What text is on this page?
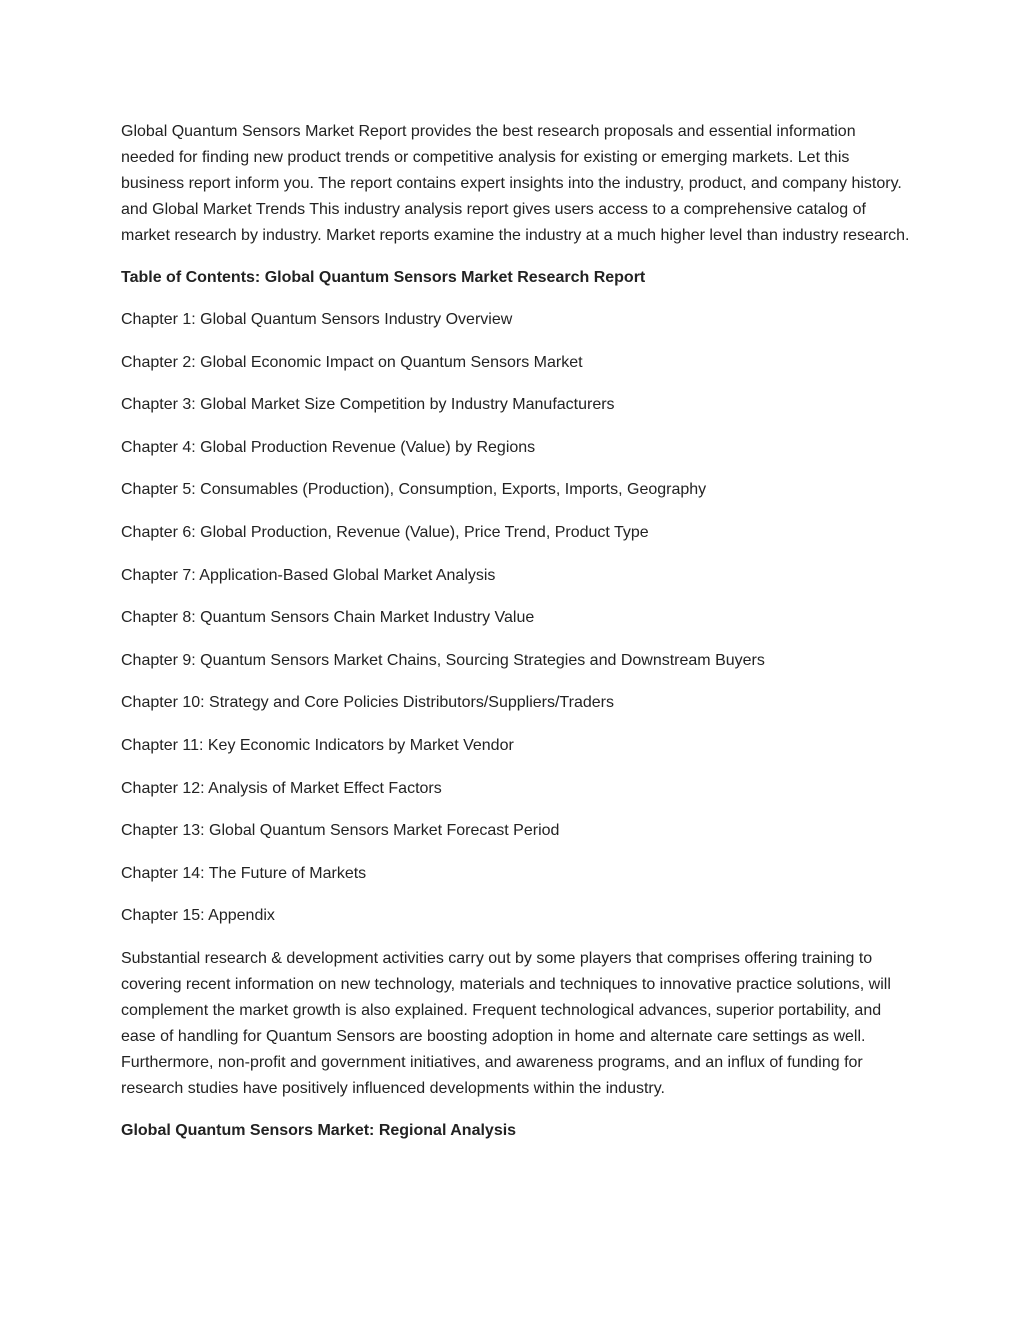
Global Quantum Sensors Market Report provides the best research proposals and essential information needed for finding new product trends or competitive analysis for existing or emerging markets. Let this business report inform you. The report contains expert insights into the industry, product, and company history. and Global Market Trends This industry analysis report gives users access to a comprehensive catalog of market research by industry. Market reports examine the industry at a much higher level than industry research.

Table of Contents: Global Quantum Sensors Market Research Report

Chapter 1: Global Quantum Sensors Industry Overview
Chapter 2: Global Economic Impact on Quantum Sensors Market
Chapter 3: Global Market Size Competition by Industry Manufacturers
Chapter 4: Global Production Revenue (Value) by Regions
Chapter 5: Consumables (Production), Consumption, Exports, Imports, Geography
Chapter 6: Global Production, Revenue (Value), Price Trend, Product Type
Chapter 7: Application-Based Global Market Analysis
Chapter 8: Quantum Sensors Chain Market Industry Value
Chapter 9: Quantum Sensors Market Chains, Sourcing Strategies and Downstream Buyers
Chapter 10: Strategy and Core Policies Distributors/Suppliers/Traders
Chapter 11: Key Economic Indicators by Market Vendor
Chapter 12: Analysis of Market Effect Factors
Chapter 13: Global Quantum Sensors Market Forecast Period
Chapter 14: The Future of Markets
Chapter 15: Appendix

Substantial research & development activities carry out by some players that comprises offering training to covering recent information on new technology, materials and techniques to innovative practice solutions, will complement the market growth is also explained. Frequent technological advances, superior portability, and ease of handling for Quantum Sensors are boosting adoption in home and alternate care settings as well. Furthermore, non-profit and government initiatives, and awareness programs, and an influx of funding for research studies have positively influenced developments within the industry.

Global Quantum Sensors Market: Regional Analysis
